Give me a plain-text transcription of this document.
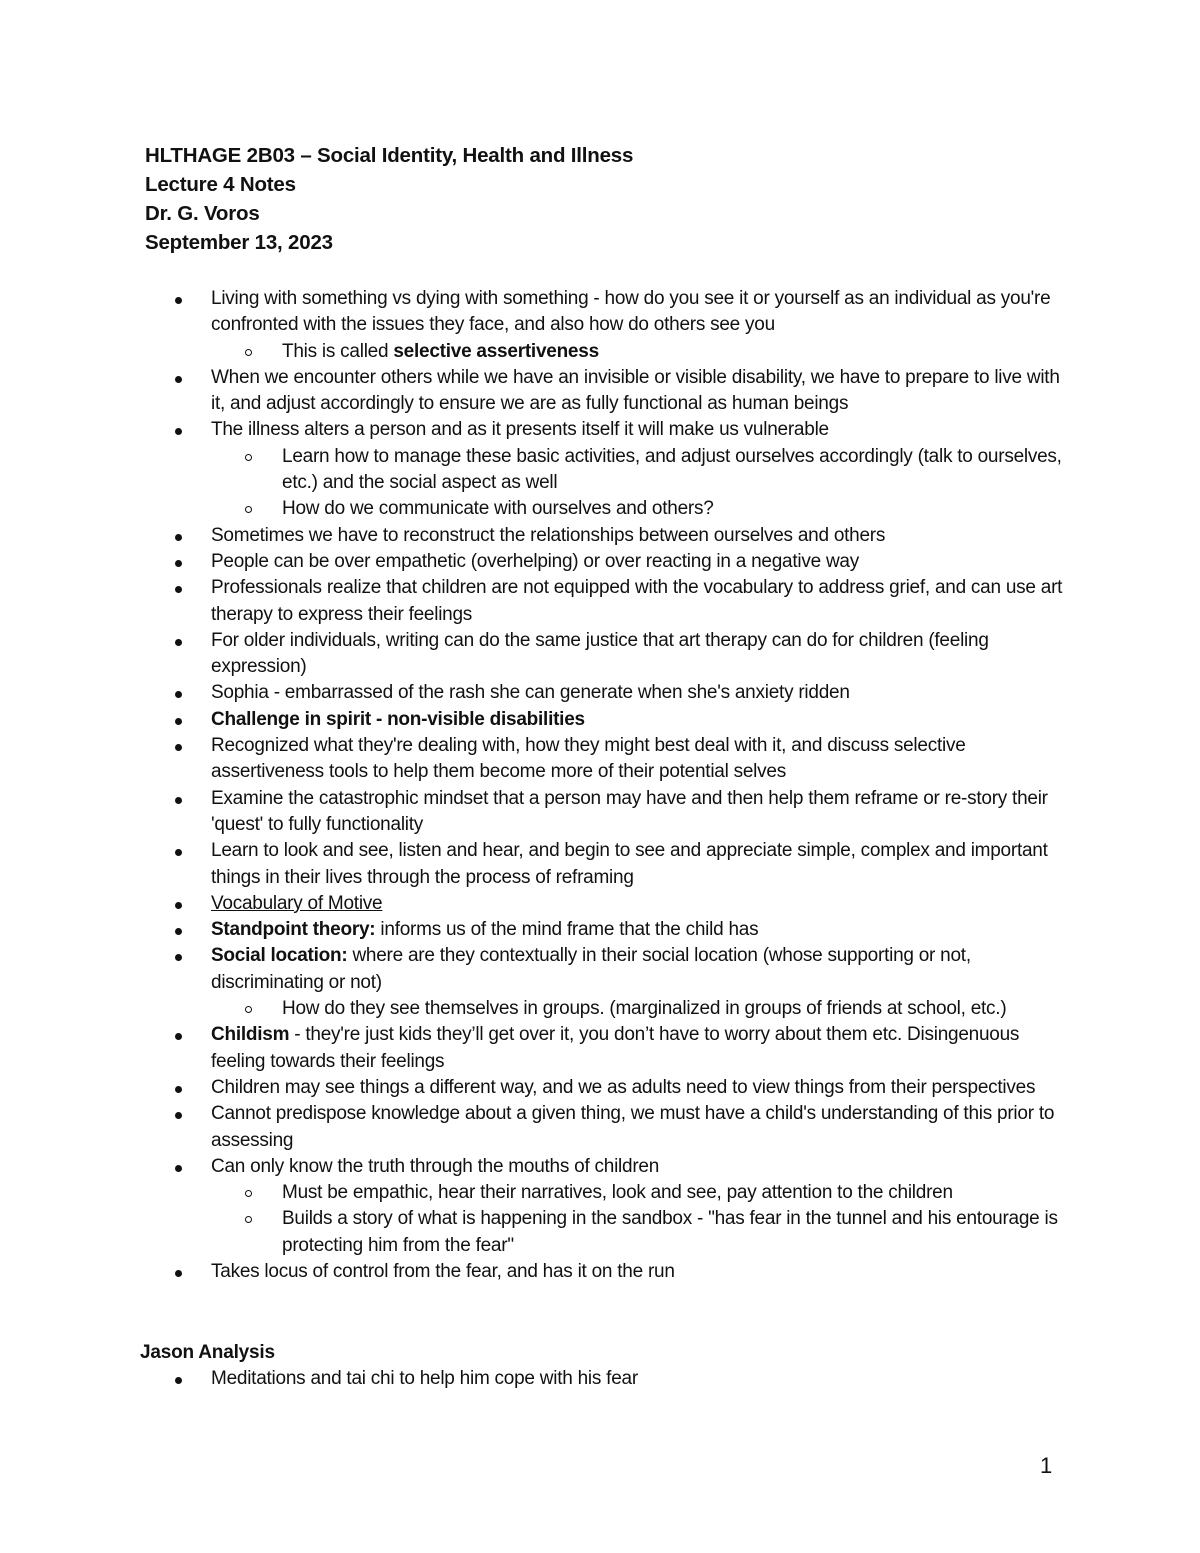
HLTHAGE 2B03 – Social Identity, Health and Illness
Lecture 4 Notes
Dr. G. Voros
September 13, 2023
Living with something vs dying with something - how do you see it or yourself as an individual as you're confronted with the issues they face, and also how do others see you
This is called selective assertiveness
When we encounter others while we have an invisible or visible disability, we have to prepare to live with it, and adjust accordingly to ensure we are as fully functional as human beings
The illness alters a person and as it presents itself it will make us vulnerable
Learn how to manage these basic activities, and adjust ourselves accordingly (talk to ourselves, etc.) and the social aspect as well
How do we communicate with ourselves and others?
Sometimes we have to reconstruct the relationships between ourselves and others
People can be over empathetic (overhelping) or over reacting in a negative way
Professionals realize that children are not equipped with the vocabulary to address grief, and can use art therapy to express their feelings
For older individuals, writing can do the same justice that art therapy can do for children (feeling expression)
Sophia - embarrassed of the rash she can generate when she's anxiety ridden
Challenge in spirit - non-visible disabilities
Recognized what they're dealing with, how they might best deal with it, and discuss selective assertiveness tools to help them become more of their potential selves
Examine the catastrophic mindset that a person may have and then help them reframe or re-story their 'quest' to fully functionality
Learn to look and see, listen and hear, and begin to see and appreciate simple, complex and important things in their lives through the process of reframing
Vocabulary of Motive
Standpoint theory: informs us of the mind frame that the child has
Social location: where are they contextually in their social location (whose supporting or not, discriminating or not)
How do they see themselves in groups. (marginalized in groups of friends at school, etc.)
Childism - they're just kids they’ll get over it, you don’t have to worry about them etc. Disingenuous feeling towards their feelings
Children may see things a different way, and we as adults need to view things from their perspectives
Cannot predispose knowledge about a given thing, we must have a child's understanding of this prior to assessing
Can only know the truth through the mouths of children
Must be empathic, hear their narratives, look and see, pay attention to the children
Builds a story of what is happening in the sandbox - "has fear in the tunnel and his entourage is protecting him from the fear"
Takes locus of control from the fear, and has it on the run
Jason Analysis
Meditations and tai chi to help him cope with his fear
1
